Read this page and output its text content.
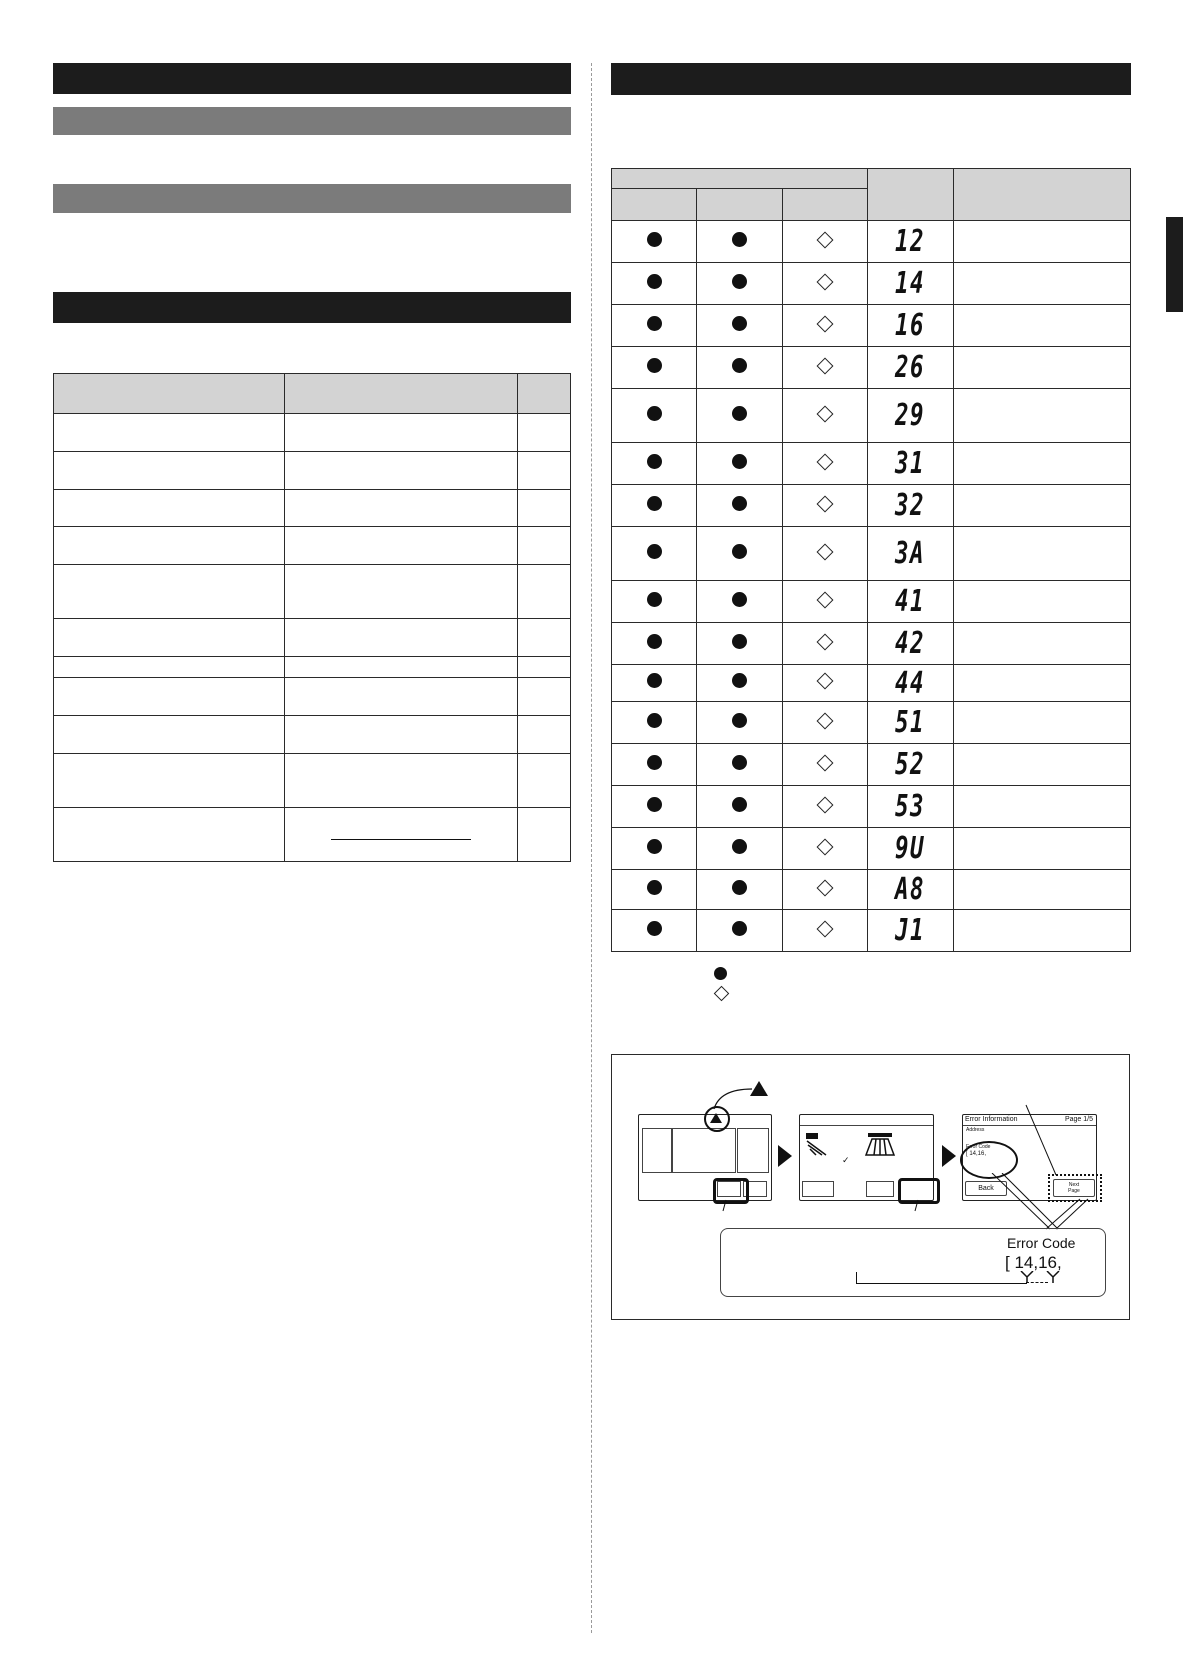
			12	
			14	
			16	
			26	
			29	
			31	
			32	
			3A	
			41	
			42	
			44	
			51	
			52	
			53	
			9U	
			A8	
			J1	
✓
Error Information	Page 1/5
Address
Error Code
[ 14,16,
Back	Next
Page
Error Code
[ 14,16,
